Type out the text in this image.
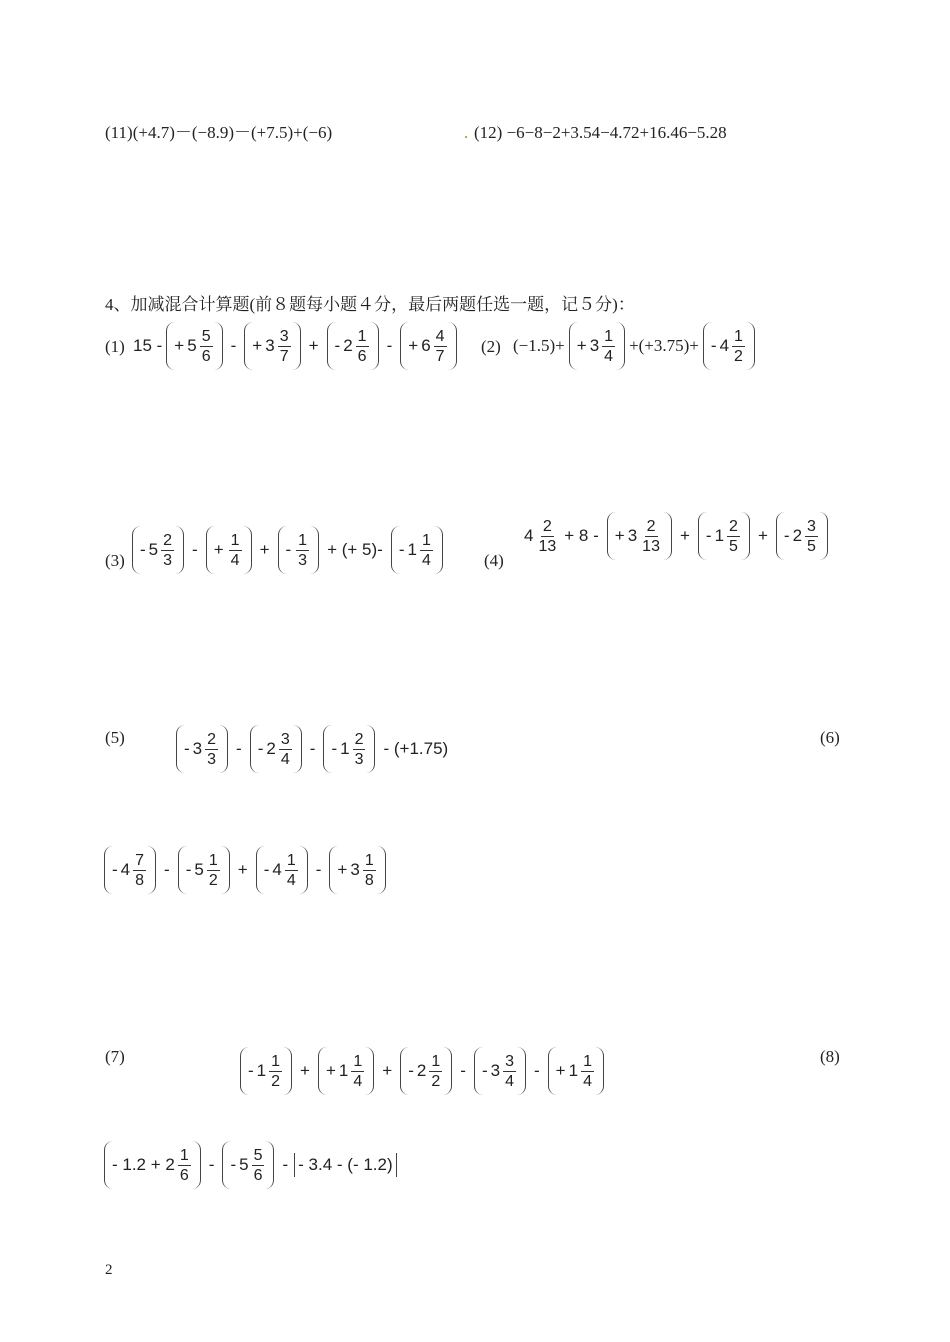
(11)(+4.7)－(−8.9)－(+7.5)+(−6)	. (12) −6−8−2+3.54−4.72+16.46−5.28
4、加减混合计算题(前８题每小题４分，最后两题任选一题，记５分)：
(1) 15 - + $5 \frac{5}{6}$ - + $3 \frac{3}{7}$ + - $2 \frac{1}{6}$ - + $6 \frac{4}{7} (2) (-1.5)+ + 3 \frac{1}{4} +(+3.75)+ - 4 \frac{1}{2}$
(3)
- $5 \frac{2}{3}$ - + $\frac{1}{4}$ + - $\frac{1}{3}$ + (+ $5)- - 1 \frac{1}{4}$	(4)
$4 \frac{2}{13} + 8$ - + $3 \frac{2}{13}$ + - $1 \frac{2}{5}$ + - $2 \frac{3}{5}$
(5)
- $3 \frac{2}{3}$ - - $2 \frac{3}{4}$ - - $1 \frac{2}{3} - (+1.75)$
(6)
- $4 \frac{7}{8}$ - - $5 \frac{1}{2}$ + - $4 \frac{1}{4}$ - + $3 \frac{1}{8}$
(7)
- $1 \frac{1}{2}$ + + $1 \frac{1}{4}$ + - $2 \frac{1}{2}$ - - $3 \frac{3}{4}$ - + $1 \frac{1}{4}$	(8)
- $1.2 + 2 \frac{1}{6}$ - - $5 \frac{5}{6}$ - - 3.4 - (- 1.2)
2
